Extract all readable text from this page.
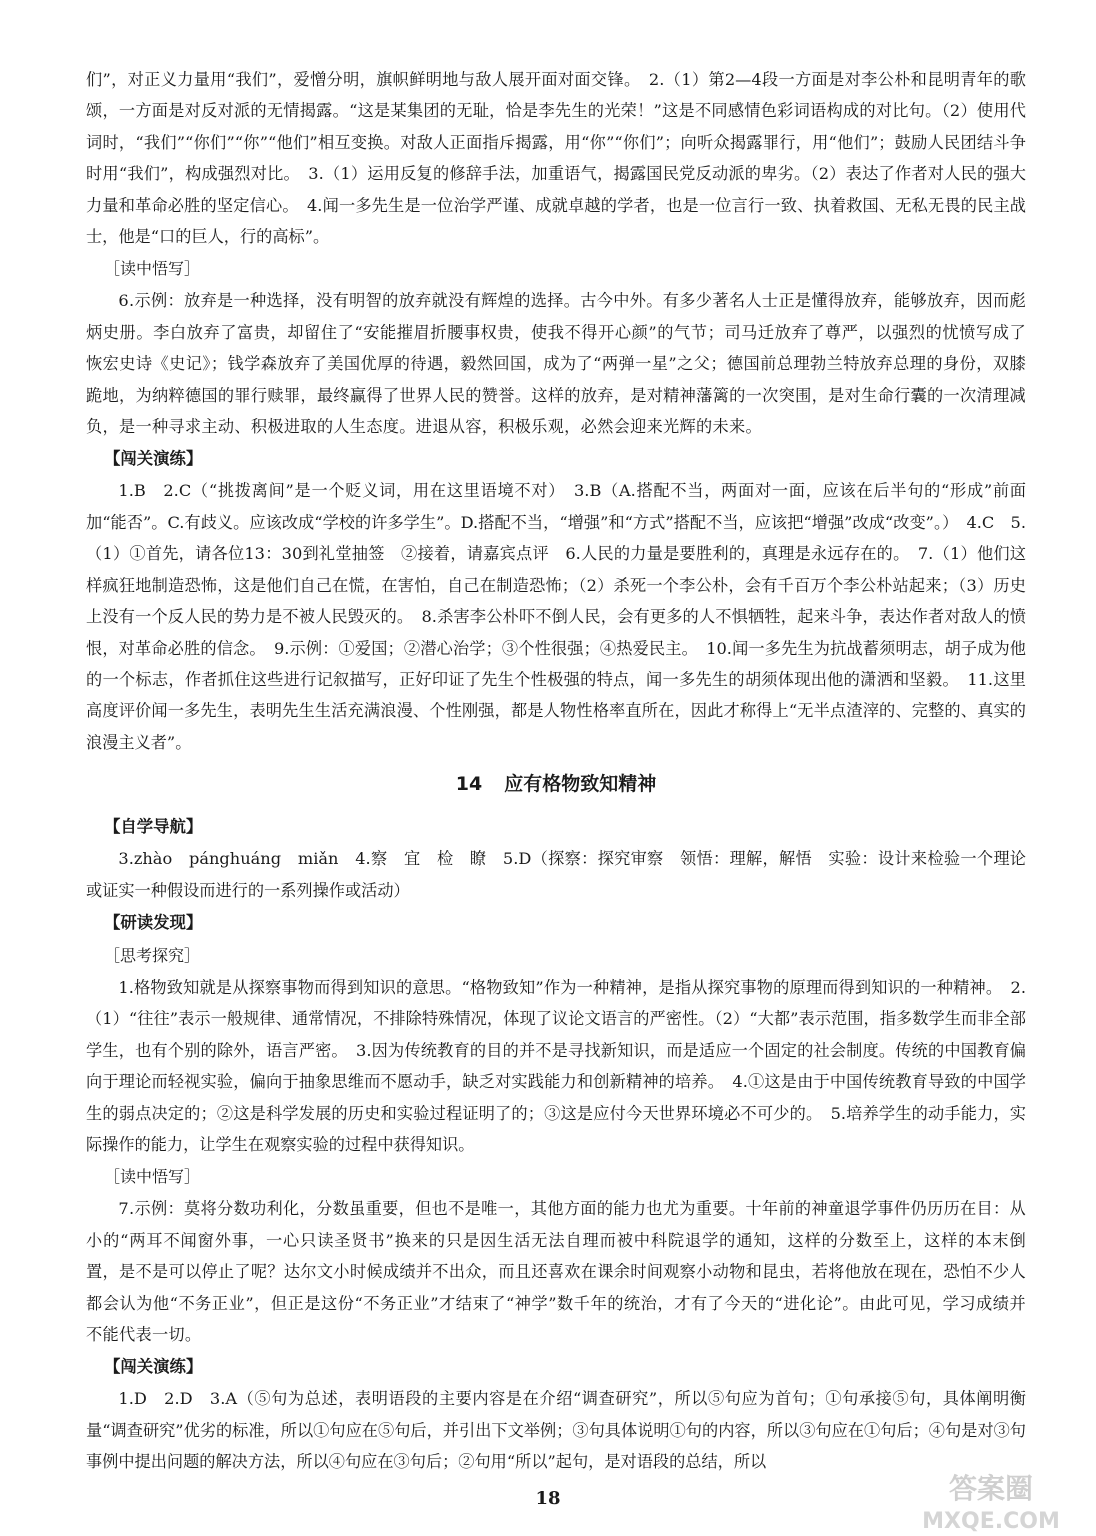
们”，对正义力量用“我们”，爱憎分明，旗帜鲜明地与敌人展开面对面交锋。　2.（1）第2—4段一方面是对李公朴和昆明青年的歌颂，一方面是对反对派的无情揭露。“这是某集团的无耻，恰是李先生的光荣！”这是不同感情色彩词语构成的对比句。（2）使用代词时，“我们”“你们”“你”“他们”相互变换。对敌人正面指斥揭露，用“你”“你们”；向听众揭露罪行，用“他们”；鼓励人民团结斗争时用“我们”，构成强烈对比。　3.（1）运用反复的修辞手法，加重语气，揭露国民党反动派的卑劣。（2）表达了作者对人民的强大力量和革命必胜的坚定信心。　4.闻一多先生是一位治学严谨、成就卓越的学者，也是一位言行一致、执着救国、无私无畏的民主战士，他是“口的巨人，行的高标”。

［读中悟写］

6.示例：放弃是一种选择，没有明智的放弃就没有辉煌的选择。古今中外。有多少著名人士正是懂得放弃，能够放弃，因而彪炳史册。李白放弃了富贵，却留住了“安能摧眉折腰事权贵，使我不得开心颜”的气节；司马迁放弃了尊严，以强烈的忧愤写成了恢宏史诗《史记》；钱学森放弃了美国优厚的待遇，毅然回国，成为了“两弹一星”之父；德国前总理勃兰特放弃总理的身份，双膝跪地，为纳粹德国的罪行赎罪，最终赢得了世界人民的赞誉。这样的放弃，是对精神藩篱的一次突围，是对生命行囊的一次清理减负，是一种寻求主动、积极进取的人生态度。进退从容，积极乐观，必然会迎来光辉的未来。

【闯关演练】

1.B　2.C（“挑拨离间”是一个贬义词，用在这里语境不对）　3.B（A.搭配不当，两面对一面，应该在后半句的“形成”前面加“能否”。C.有歧义。应该改成“学校的许多学生”。D.搭配不当，“增强”和“方式”搭配不当，应该把“增强”改成“改变”。）　4.C　5.（1）①首先，请各位13：30到礼堂抽签　②接着，请嘉宾点评　6.人民的力量是要胜利的，真理是永远存在的。　7.（1）他们这样疯狂地制造恐怖，这是他们自己在慌，在害怕，自己在制造恐怖；（2）杀死一个李公朴，会有千百万个李公朴站起来；（3）历史上没有一个反人民的势力是不被人民毁灭的。　8.杀害李公朴吓不倒人民，会有更多的人不惧牺牲，起来斗争，表达作者对敌人的愤恨，对革命必胜的信念。　9.示例：①爱国；②潜心治学；③个性很强；④热爱民主。　10.闻一多先生为抗战蓄须明志，胡子成为他的一个标志，作者抓住这些进行记叙描写，正好印证了先生个性极强的特点，闻一多先生的胡须体现出他的潇洒和坚毅。　11.这里高度评价闻一多先生，表明先生生活充满浪漫、个性刚强，都是人物性格率直所在，因此才称得上“无半点渣滓的、完整的、真实的浪漫主义者”。

14 应有格物致知精神
【自学导航】

3.zhào　pánghuáng　miǎn　4.察　宜　检　瞭　5.D（探察：探究审察　领悟：理解，解悟　实验：设计来检验一个理论或证实一种假设而进行的一系列操作或活动）

【研读发现】
［思考探究］

1.格物致知就是从探察事物而得到知识的意思。“格物致知”作为一种精神，是指从探究事物的原理而得到知识的一种精神。　2.（1）“往往”表示一般规律、通常情况，不排除特殊情况，体现了议论文语言的严密性。（2）“大都”表示范围，指多数学生而非全部学生，也有个别的除外，语言严密。　3.因为传统教育的目的并不是寻找新知识，而是适应一个固定的社会制度。传统的中国教育偏向于理论而轻视实验，偏向于抽象思维而不愿动手，缺乏对实践能力和创新精神的培养。　4.①这是由于中国传统教育导致的中国学生的弱点决定的；②这是科学发展的历史和实验过程证明了的；③这是应付今天世界环境必不可少的。　5.培养学生的动手能力，实际操作的能力，让学生在观察实验的过程中获得知识。

［读中悟写］

7.示例：莫将分数功利化，分数虽重要，但也不是唯一，其他方面的能力也尤为重要。十年前的神童退学事件仍历历在目：从小的“两耳不闻窗外事，一心只读圣贤书”换来的只是因生活无法自理而被中科院退学的通知，这样的分数至上，这样的本末倒置，是不是可以停止了呢？达尔文小时候成绩并不出众，而且还喜欢在课余时间观察小动物和昆虫，若将他放在现在，恐怕不少人都会认为他“不务正业”，但正是这份“不务正业”才结束了“神学”数千年的统治，才有了今天的“进化论”。由此可见，学习成绩并不能代表一切。

【闯关演练】

1.D　2.D　3.A（⑤句为总述，表明语段的主要内容是在介绍“调查研究”，所以⑤句应为首句；①句承接⑤句，具体阐明衡量“调查研究”优劣的标准，所以①句应在⑤句后，并引出下文举例；③句具体说明①句的内容，所以③句应在①句后；④句是对③句事例中提出问题的解决方法，所以④句应在③句后；②句用“所以”起句，是对语段的总结，所以

18	答案圈
MXQE.COM
